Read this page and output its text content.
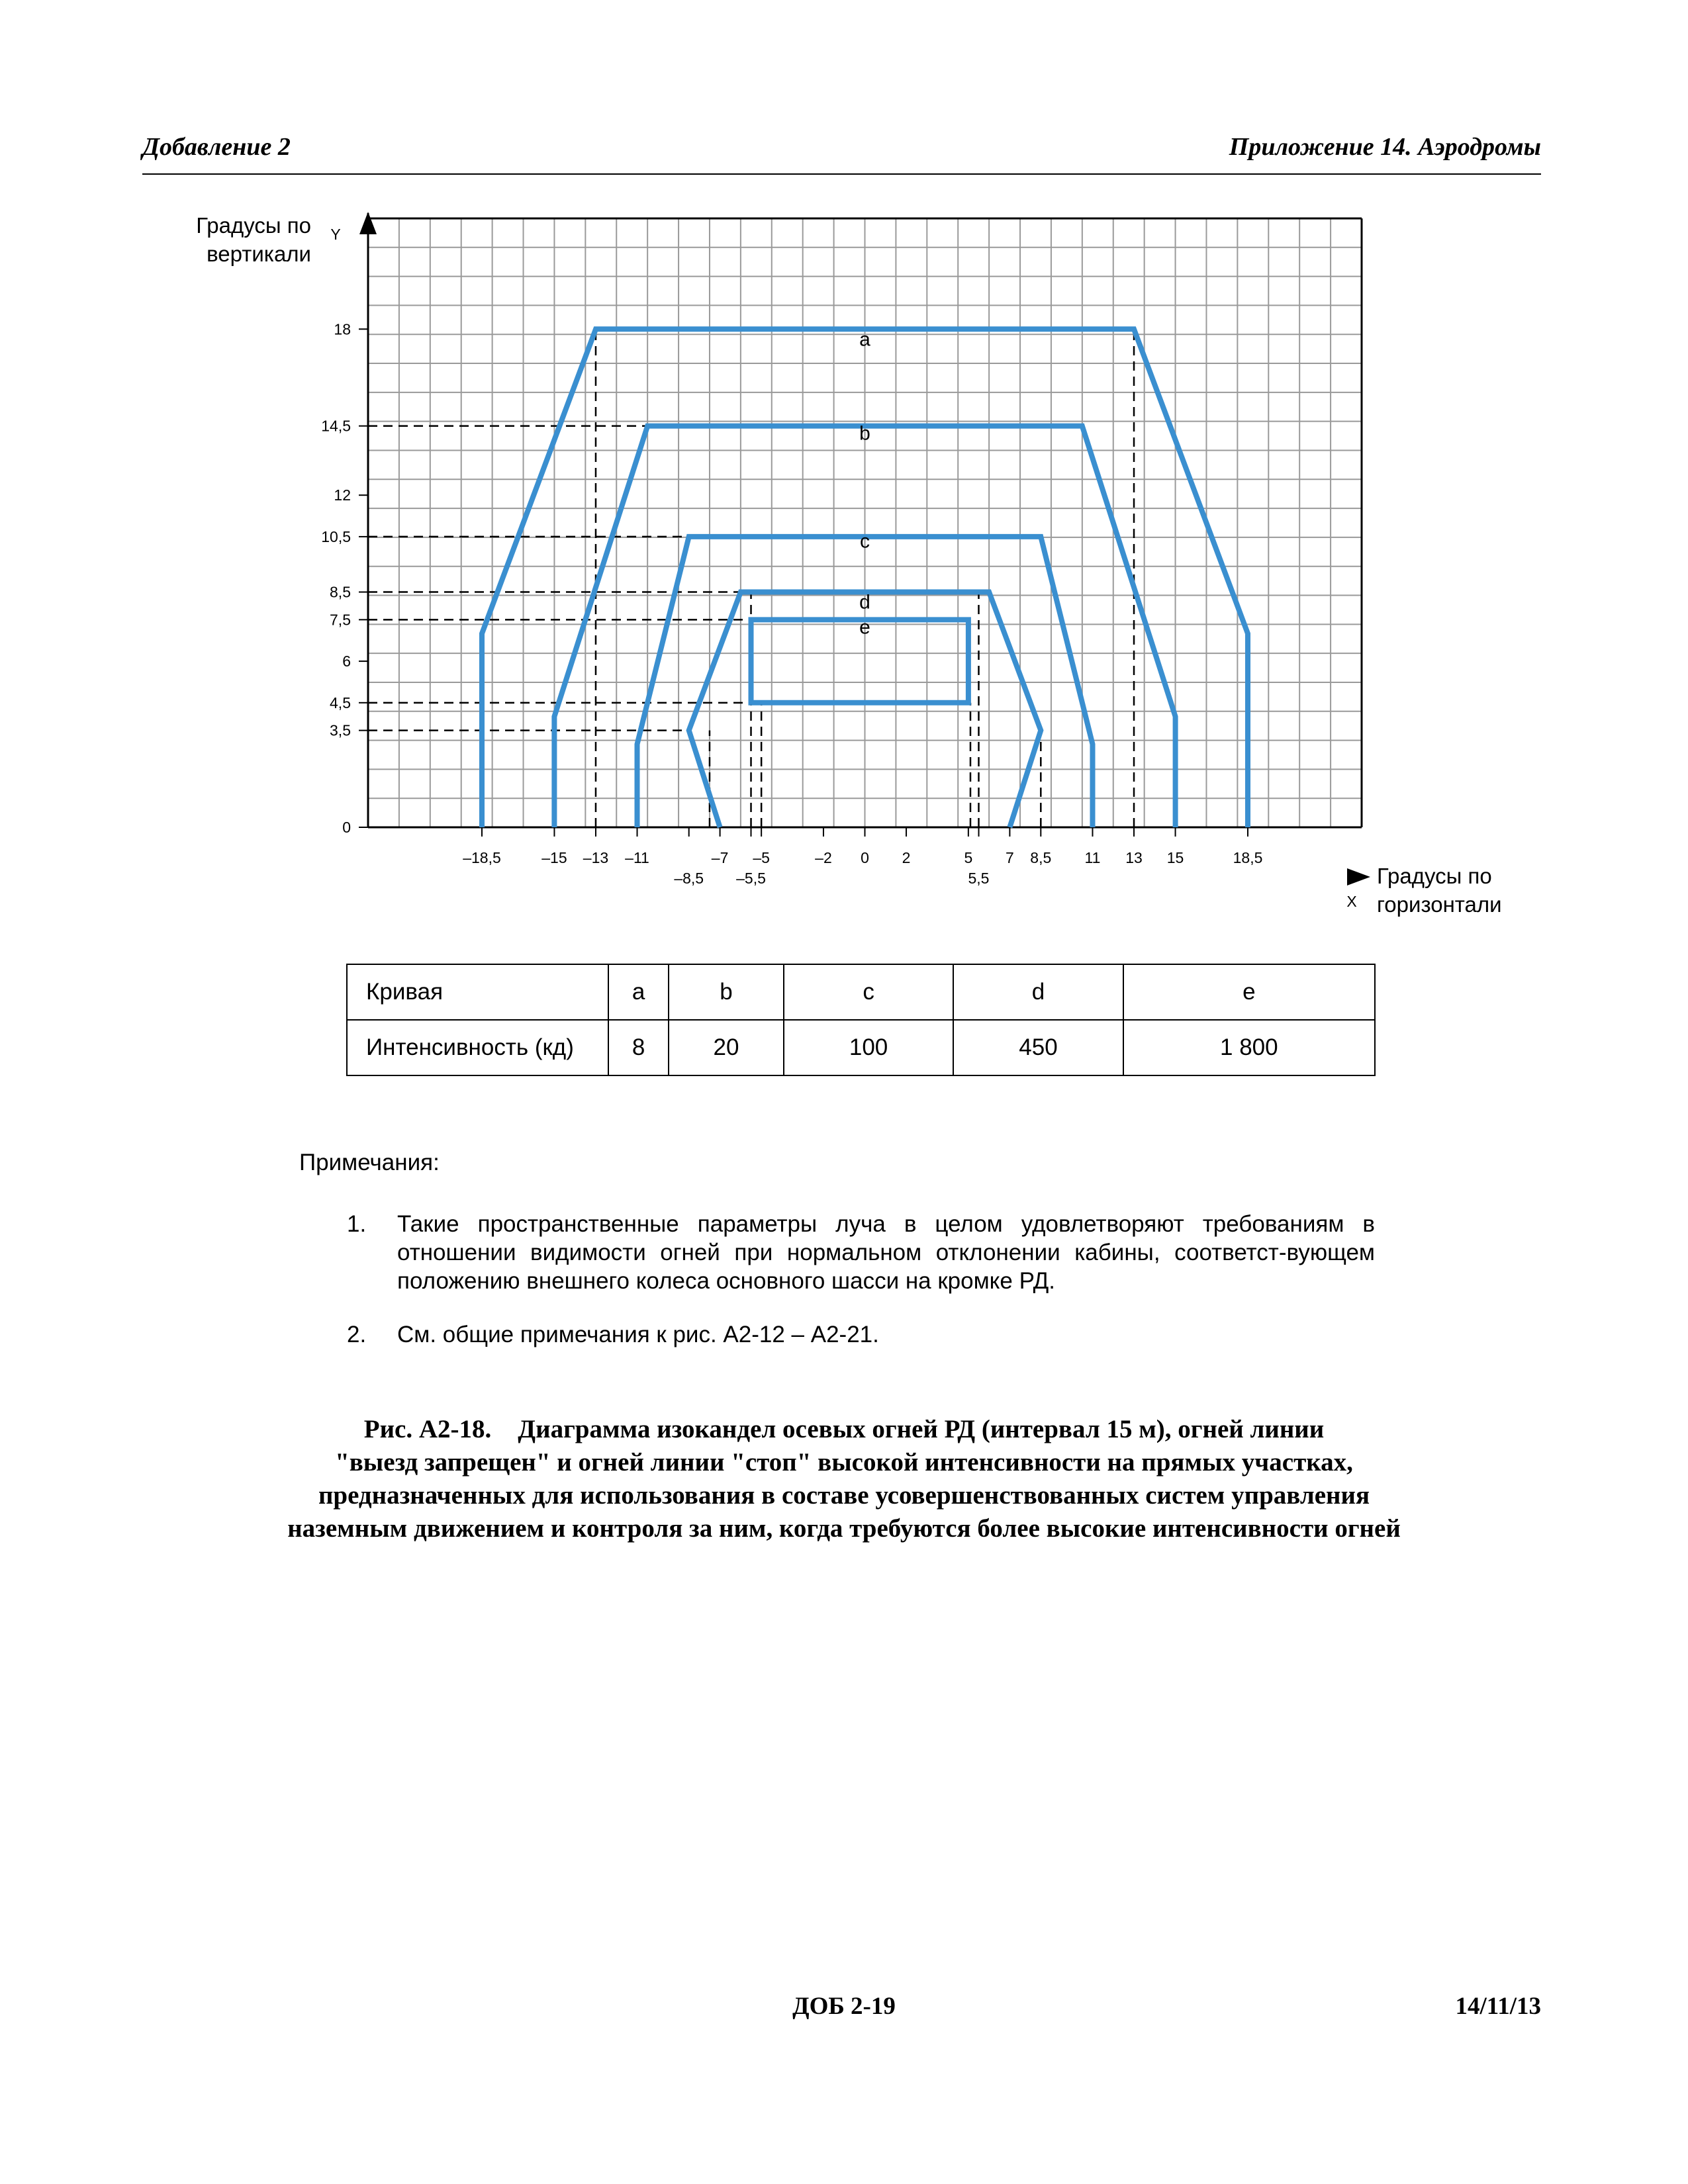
Добавление 2	Приложение 14. Аэродромы
a
b
c
d
e
0
3,5
4,5
6
7,5
8,5
10,5
12
14,5
18
–18,5	–15 –13 –11
–8,5
–7
–5,5
–5	–2 0 2	5
5,5
7 8,5 11 13 15	18,5
Градусы по
вертикали
Y
Градусы по
горизонтали
X
Кривая	a	b	c	d	e
Интенсивность (кд)	8	20	100	450	1 800
Примечания:
1. Такие пространственные параметры луча в целом удовлетворяют требованиям в отношении видимости огней при нормальном отклонении кабины, соответст-вующем положению внешнего колеса основного шасси на кромке РД.
2. См. общие примечания к рис. А2-12 – А2-21.
Рис. А2-18. Диаграмма изокандел осевых огней РД (интервал 15 м), огней линии
"выезд запрещен" и огней линии "стоп" высокой интенсивности на прямых участках,
предназначенных для использования в составе усовершенствованных систем управления
наземным движением и контроля за ним, когда требуются более высокие интенсивности огней
ДОБ 2-19	14/11/13
